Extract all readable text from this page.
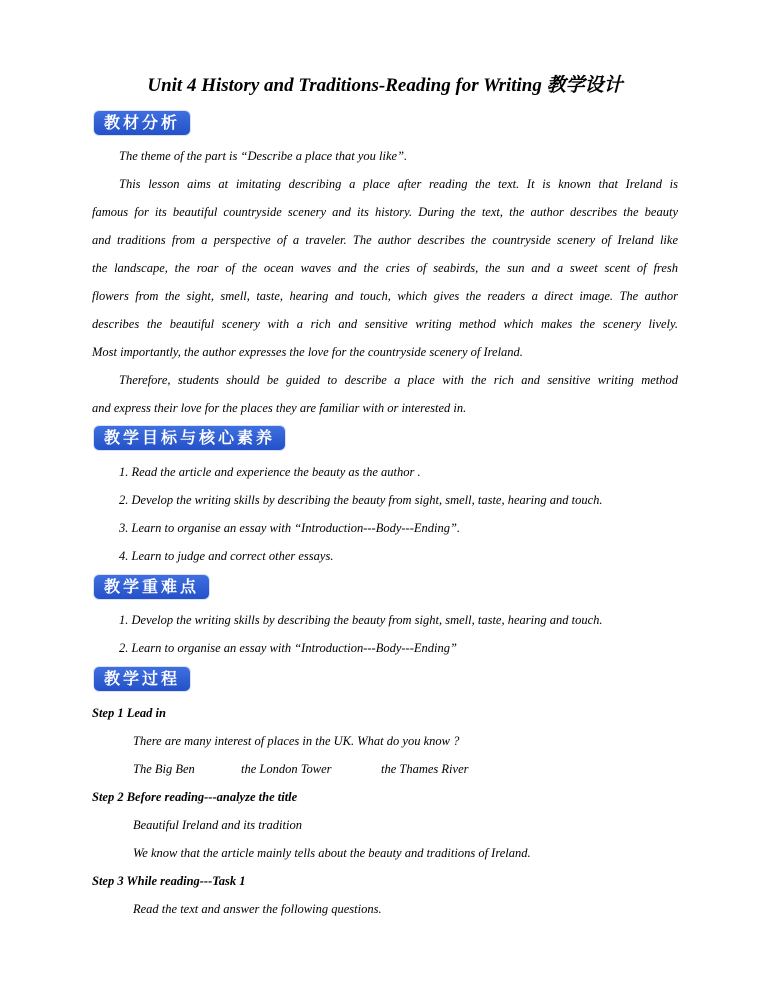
Unit 4 History and Traditions-Reading for Writing 教学设计
教材分析
The theme of the part is “Describe a place that you like”.
This lesson aims at imitating describing a place after reading the text. It is known that Ireland is
famous for its beautiful countryside scenery and its history. During the text, the author describes the beauty
and traditions from a perspective of a traveler. The author describes the countryside scenery of Ireland like
the landscape, the roar of the ocean waves and the cries of seabirds, the sun and a sweet scent of fresh
flowers from the sight, smell, taste, hearing and touch, which gives the readers a direct image. The author
describes the beautiful scenery with a rich and sensitive writing method which makes the scenery lively.
Most importantly, the author expresses the love for the countryside scenery of Ireland.
Therefore, students should be guided to describe a place with the rich and sensitive writing method
and express their love for the places they are familiar with or interested in.
教学目标与核心素养
1. Read the article and experience the beauty as the author .
2. Develop the writing skills by describing the beauty from sight, smell, taste, hearing and touch.
3. Learn to organise an essay with “Introduction---Body---Ending”.
4. Learn to judge and correct other essays.
教学重难点
1. Develop the writing skills by describing the beauty from sight, smell, taste, hearing and touch.
2. Learn to organise an essay with “Introduction---Body---Ending”
教学过程
Step 1 Lead in
There are many interest of places in the UK. What do you know ?
The Big Ben	the London Tower	the Thames River
Step 2 Before reading---analyze the title
Beautiful Ireland and its tradition
We know that the article mainly tells about the beauty and traditions of Ireland.
Step 3 While reading---Task 1
Read the text and answer the following questions.
